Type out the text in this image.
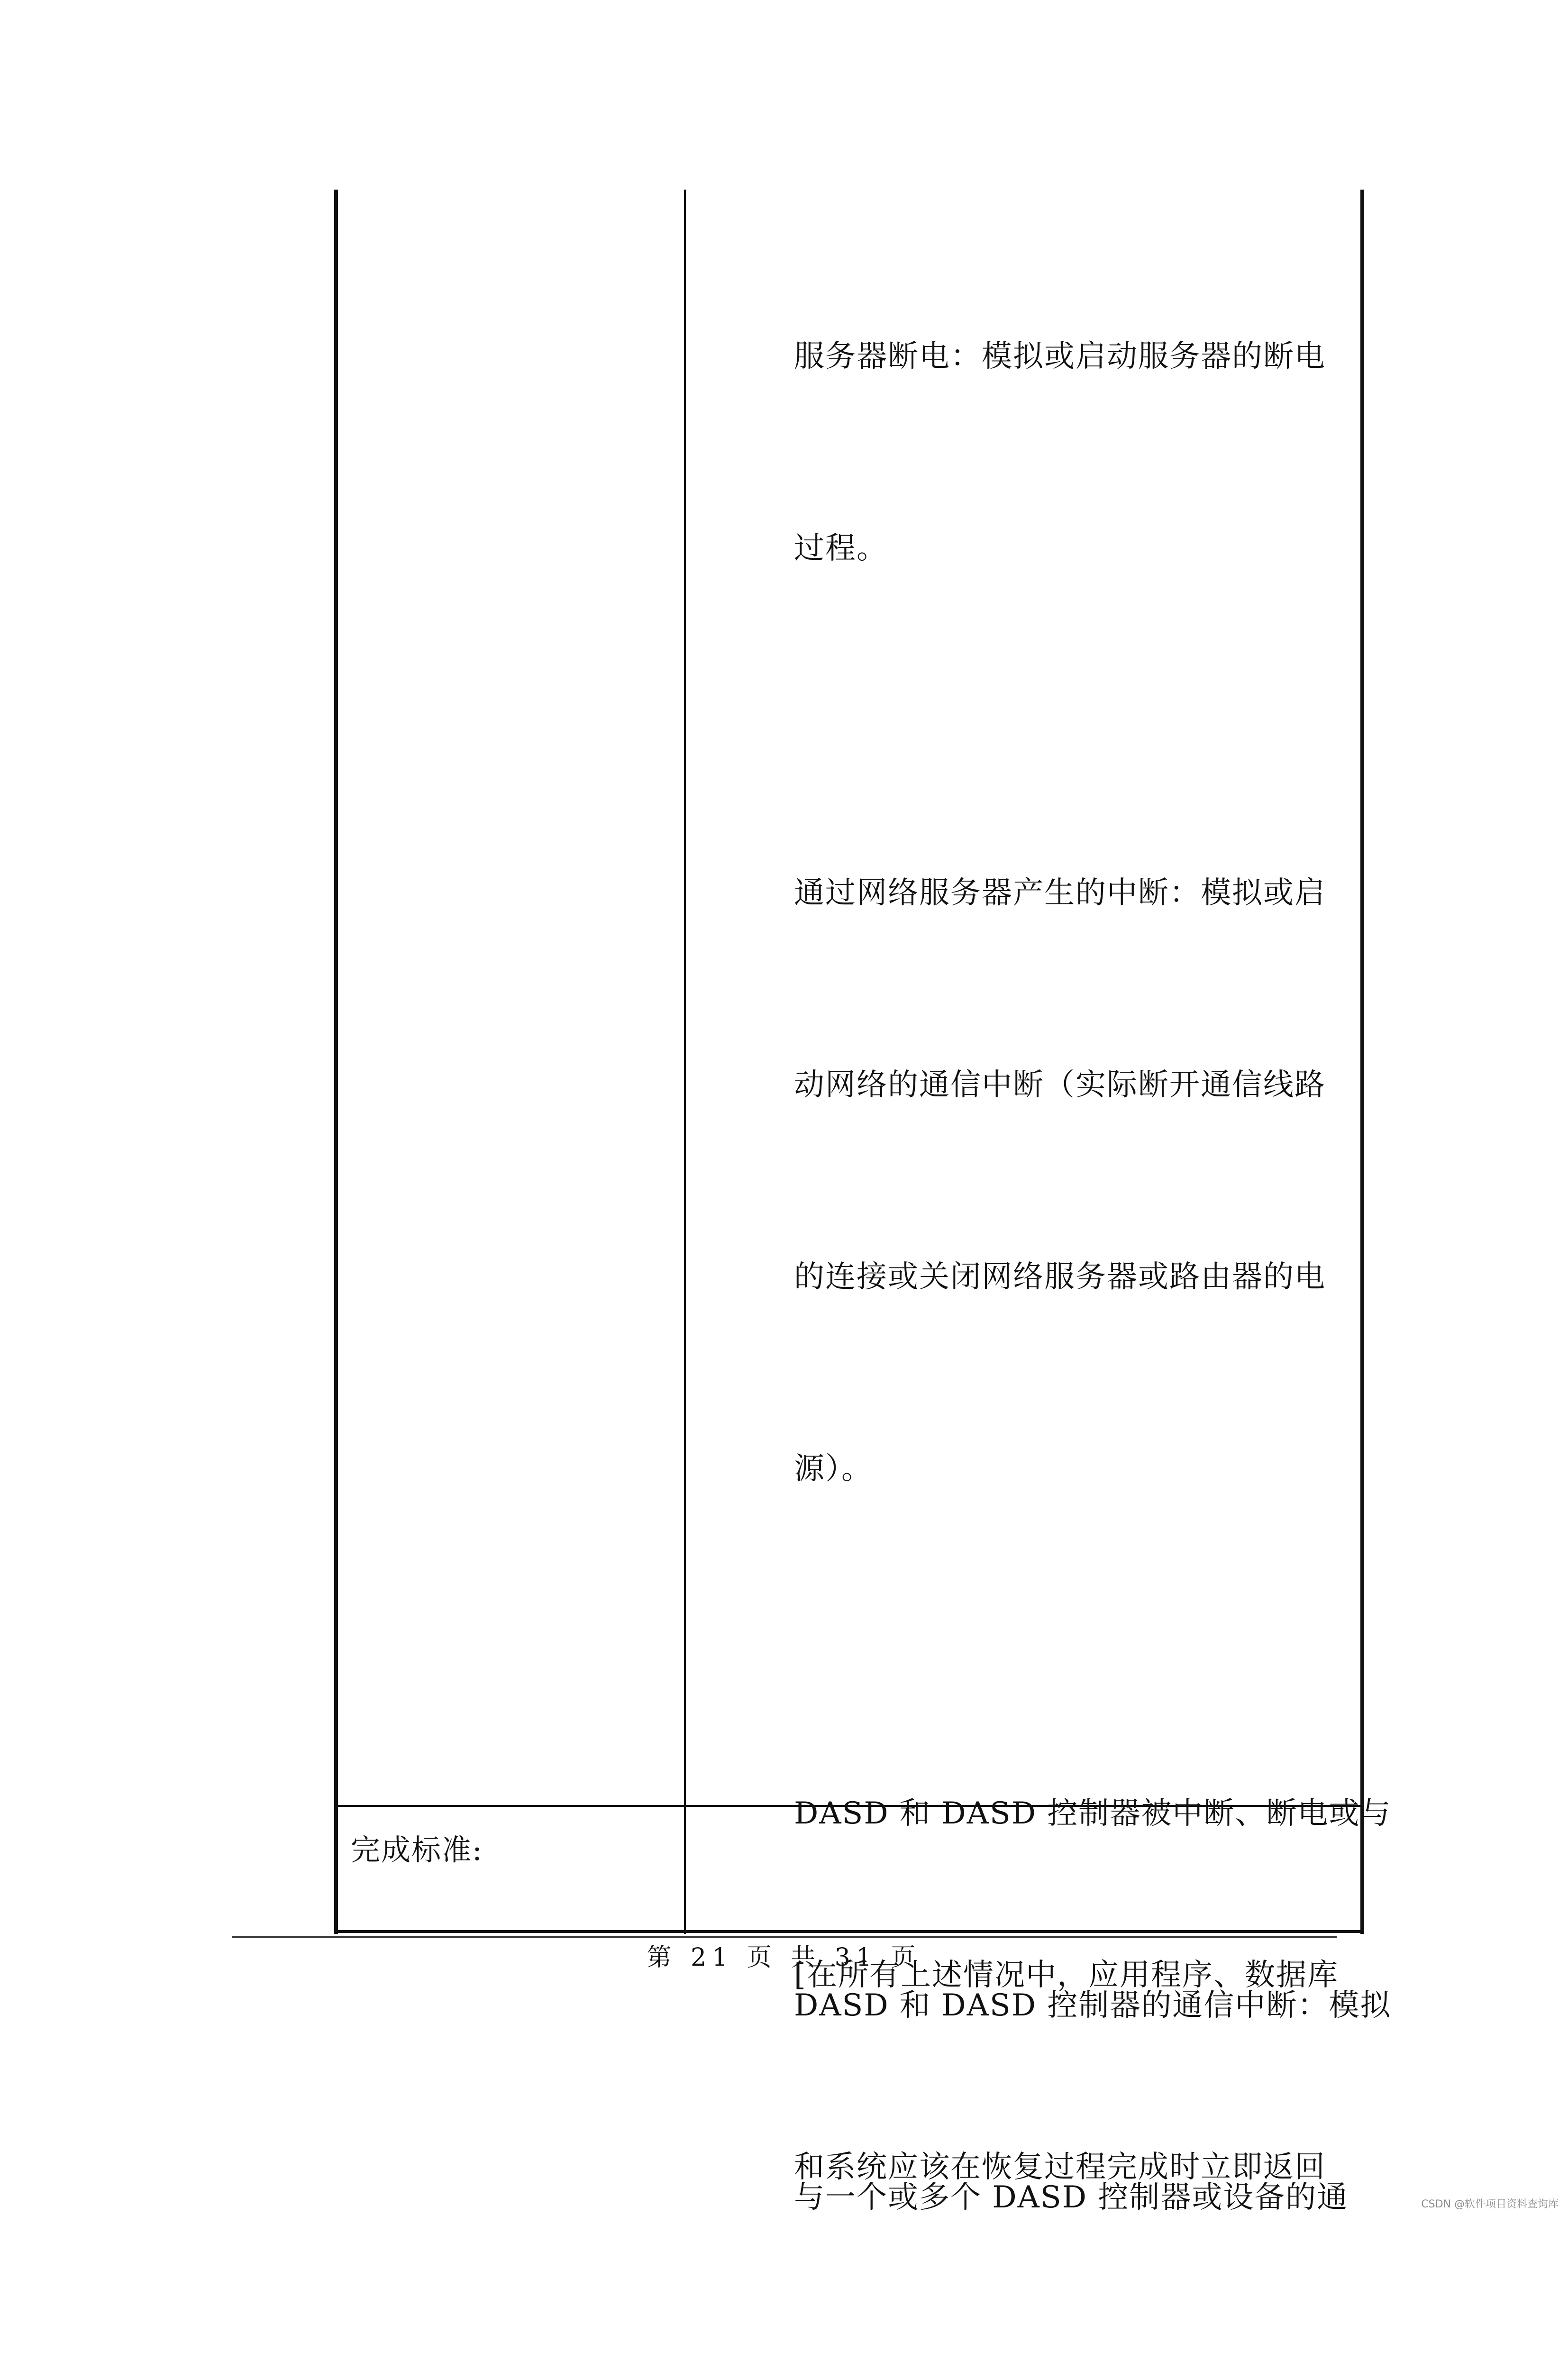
服务器断电：模拟或启动服务器的断电

过程。

通过网络服务器产生的中断：模拟或启

动网络的通信中断（实际断开通信线路

的连接或关闭网络服务器或路由器的电

源）。

DASD 和 DASD 控制器被中断、断电或与

DASD 和 DASD 控制器的通信中断：模拟

与一个或多个 DASD 控制器或设备的通

完成标准:

[在所有上述情况中，应用程序、数据库

和系统应该在恢复过程完成时立即返回

第 21 页 共 31 页
CSDN @软件项目资料查询库
